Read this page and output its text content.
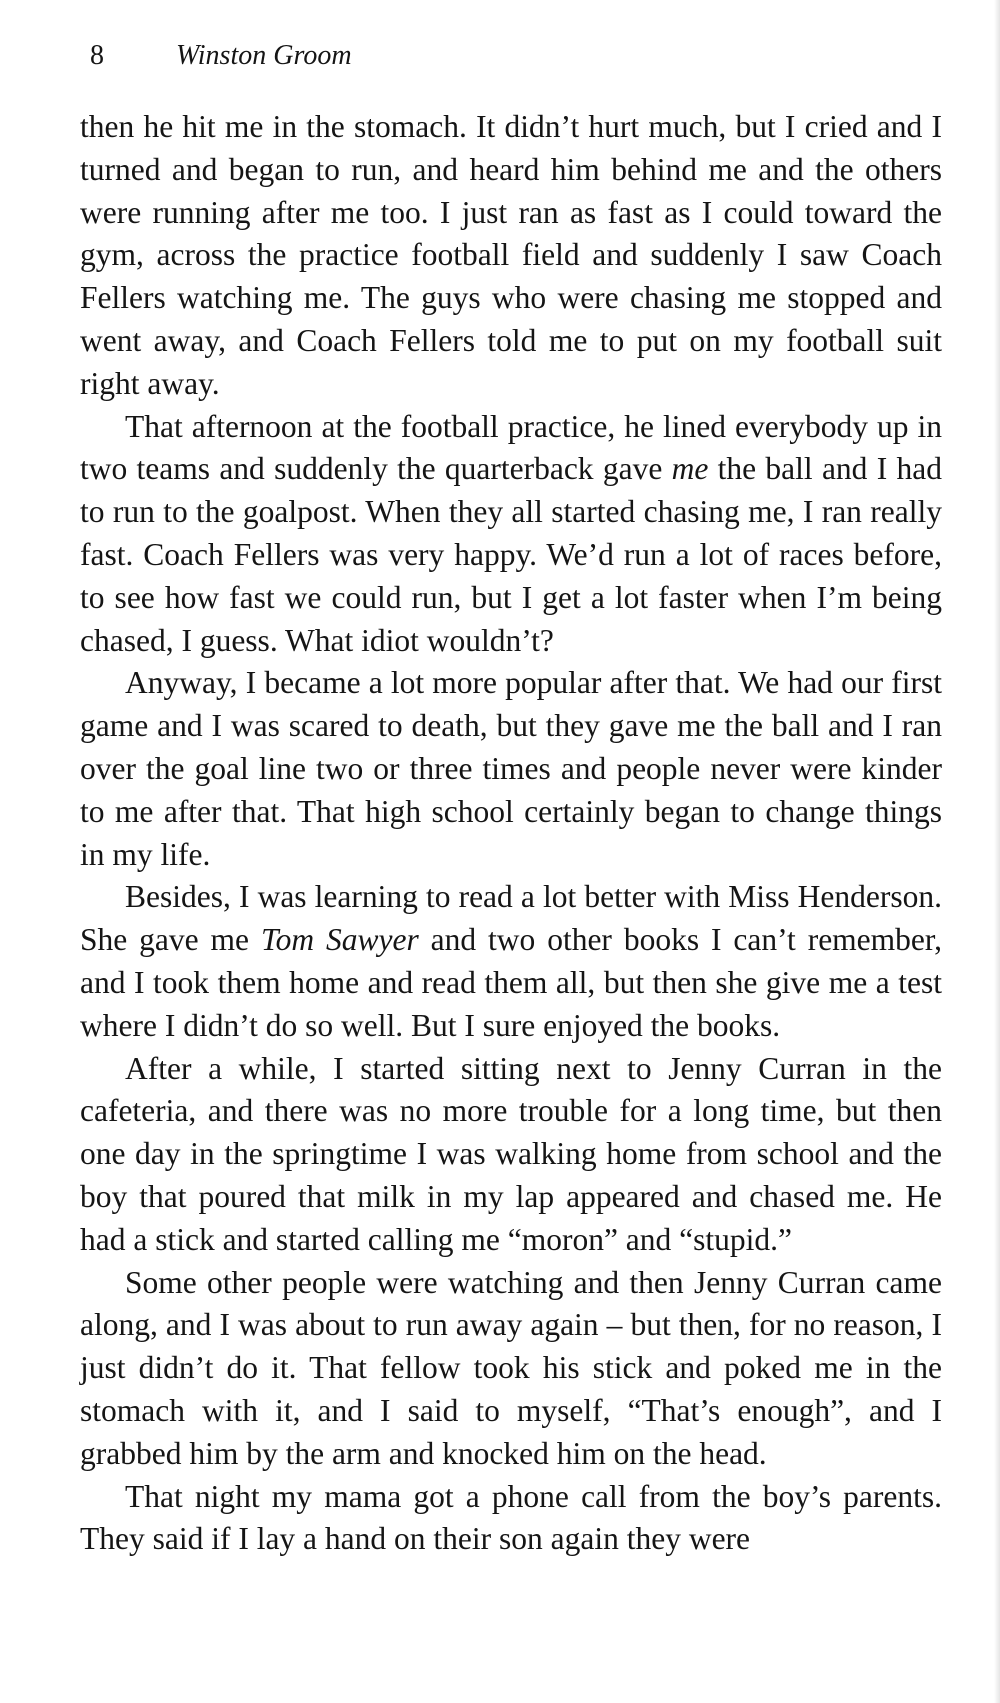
8	Winston Groom

then he hit me in the stomach. It didn’t hurt much, but I cried and I turned and began to run, and heard him behind me and the others were running after me too. I just ran as fast as I could toward the gym, across the practice football field and suddenly I saw Coach Fellers watching me. The guys who were chasing me stopped and went away, and Coach Fellers told me to put on my football suit right away.

That afternoon at the football practice, he lined everybody up in two teams and suddenly the quarterback gave me the ball and I had to run to the goalpost. When they all started chasing me, I ran really fast. Coach Fellers was very happy. We’d run a lot of races before, to see how fast we could run, but I get a lot faster when I’m being chased, I guess. What idiot wouldn’t?

Anyway, I became a lot more popular after that. We had our first game and I was scared to death, but they gave me the ball and I ran over the goal line two or three times and people never were kinder to me after that. That high school certainly began to change things in my life.

Besides, I was learning to read a lot better with Miss Henderson. She gave me Tom Sawyer and two other books I can’t remember, and I took them home and read them all, but then she give me a test where I didn’t do so well. But I sure enjoyed the books.

After a while, I started sitting next to Jenny Curran in the cafeteria, and there was no more trouble for a long time, but then one day in the springtime I was walking home from school and the boy that poured that milk in my lap appeared and chased me. He had a stick and started calling me “moron” and “stupid.”

Some other people were watching and then Jenny Curran came along, and I was about to run away again – but then, for no reason, I just didn’t do it. That fellow took his stick and poked me in the stomach with it, and I said to myself, “That’s enough”, and I grabbed him by the arm and knocked him on the head.

That night my mama got a phone call from the boy’s parents. They said if I lay a hand on their son again they were
